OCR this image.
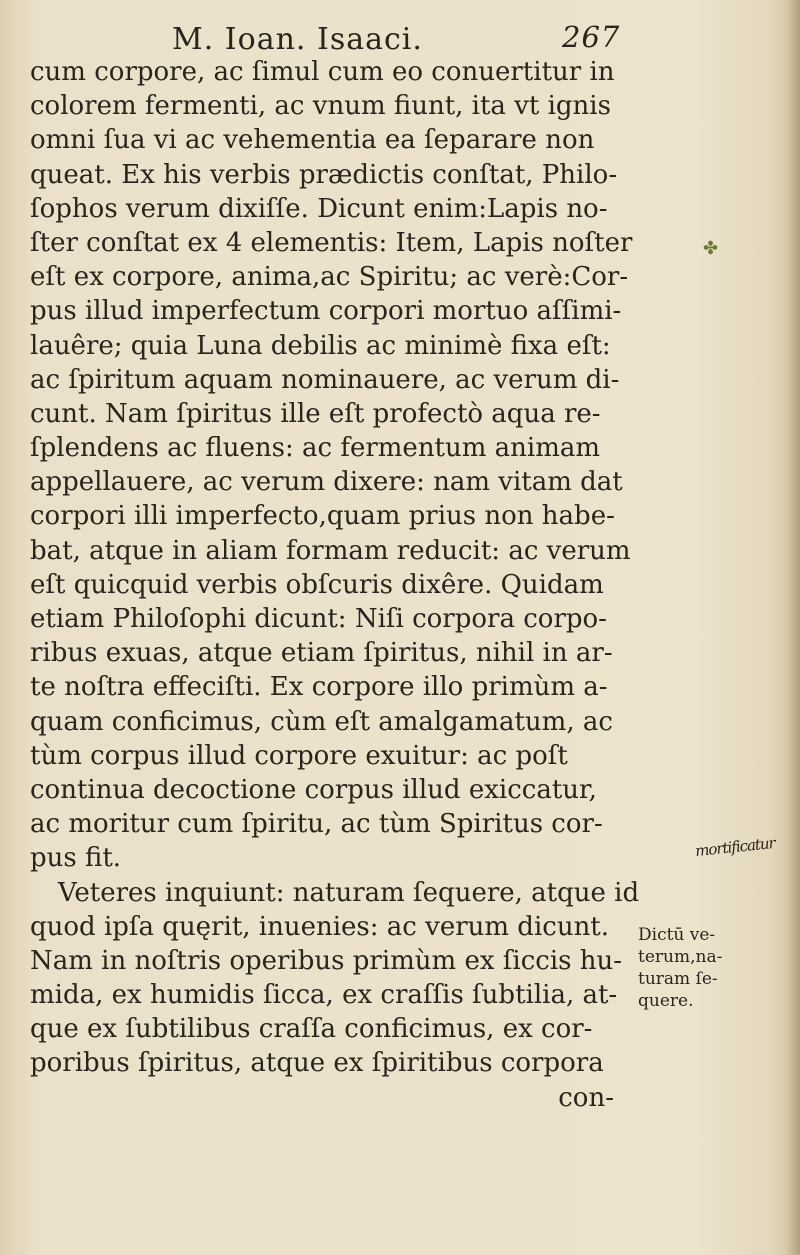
M. Ioan. Isaaci.	267
cum corpore, ac ſimul cum eo conuertitur in
colorem fermenti, ac vnum fiunt, ita vt ignis
omni ſua vi ac vehementia ea ſeparare non
queat. Ex his verbis prædictis conſtat, Philo-
ſophos verum dixiſſe. Dicunt enim:Lapis no-
ſter conſtat ex 4 elementis: Item, Lapis noſter
eſt ex corpore, anima,ac Spiritu; ac verè:Cor-
pus illud imperfectum corpori mortuo aſſimi-
lauêre; quia Luna debilis ac minimè fixa eſt:
ac ſpiritum aquam nominauere, ac verum di-
cunt. Nam ſpiritus ille eſt profectò aqua re-
ſplendens ac fluens: ac fermentum animam
appellauere, ac verum dixere: nam vitam dat
corpori illi imperfecto,quam prius non habe-
bat, atque in aliam formam reducit: ac verum
eſt quicquid verbis obſcuris dixêre. Quidam
etiam Philoſophi dicunt: Niſi corpora corpo-
ribus exuas, atque etiam ſpiritus, nihil in ar-
te noſtra effeciſti. Ex corpore illo primùm a-
quam conficimus, cùm eſt amalgamatum, ac
tùm corpus illud corpore exuitur: ac poſt
continua decoctione corpus illud exiccatur,
ac moritur cum ſpiritu, ac tùm Spiritus cor-
pus fit.
Veteres inquiunt: naturam ſequere, atque id
quod ipſa quęrit, inuenies: ac verum dicunt.
Nam in noſtris operibus primùm ex ſiccis hu-
mida, ex humidis ſicca, ex craſſis ſubtilia, at-
que ex ſubtilibus craſſa conficimus, ex cor-
poribus ſpiritus, atque ex ſpiritibus corpora
con-
mortificatur
Dictū ve-
terum,na-
turam ſe-
quere.
✤
